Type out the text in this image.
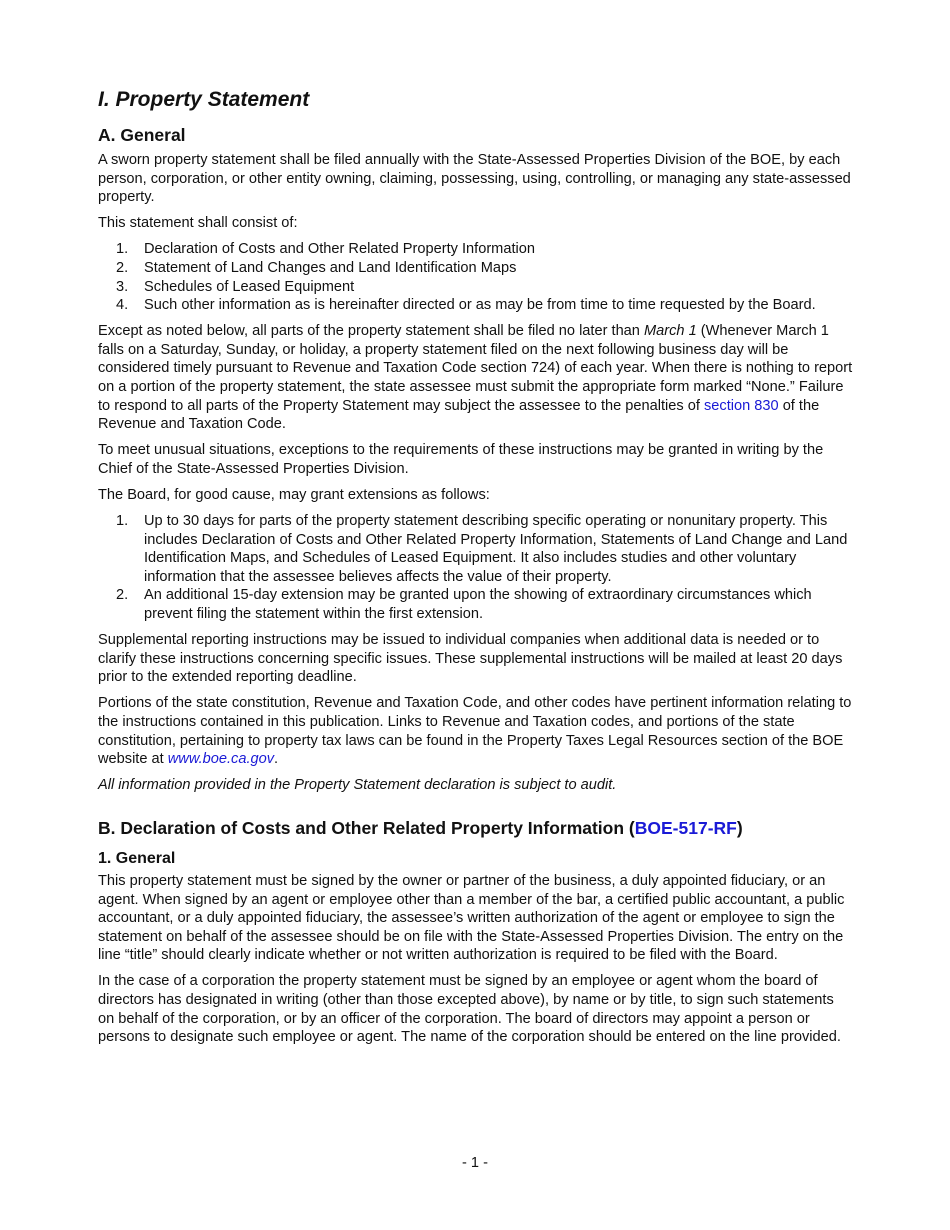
I. Property Statement
A. General

A sworn property statement shall be filed annually with the State-Assessed Properties Division of the BOE, by each person, corporation, or other entity owning, claiming, possessing, using, controlling, or managing any state-assessed property.

This statement shall consist of:

1. Declaration of Costs and Other Related Property Information
2. Statement of Land Changes and Land Identification Maps
3. Schedules of Leased Equipment
4. Such other information as is hereinafter directed or as may be from time to time requested by the Board.

Except as noted below, all parts of the property statement shall be filed no later than March 1 (Whenever March 1 falls on a Saturday, Sunday, or holiday, a property statement filed on the next following business day will be considered timely pursuant to Revenue and Taxation Code section 724) of each year. When there is nothing to report on a portion of the property statement, the state assessee must submit the appropriate form marked “None.” Failure to respond to all parts of the Property Statement may subject the assessee to the penalties of section 830 of the Revenue and Taxation Code.

To meet unusual situations, exceptions to the requirements of these instructions may be granted in writing by the Chief of the State-Assessed Properties Division.

The Board, for good cause, may grant extensions as follows:

1. Up to 30 days for parts of the property statement describing specific operating or nonunitary property. This includes Declaration of Costs and Other Related Property Information, Statements of Land Change and Land Identification Maps, and Schedules of Leased Equipment. It also includes studies and other voluntary information that the assessee believes affects the value of their property.
2. An additional 15-day extension may be granted upon the showing of extraordinary circumstances which prevent filing the statement within the first extension.

Supplemental reporting instructions may be issued to individual companies when additional data is needed or to clarify these instructions concerning specific issues. These supplemental instructions will be mailed at least 20 days prior to the extended reporting deadline.

Portions of the state constitution, Revenue and Taxation Code, and other codes have pertinent information relating to the instructions contained in this publication. Links to Revenue and Taxation codes, and portions of the state constitution, pertaining to property tax laws can be found in the Property Taxes Legal Resources section of the BOE website at www.boe.ca.gov.

All information provided in the Property Statement declaration is subject to audit.

B. Declaration of Costs and Other Related Property Information (BOE-517-RF)
1. General

This property statement must be signed by the owner or partner of the business, a duly appointed fiduciary, or an agent. When signed by an agent or employee other than a member of the bar, a certified public accountant, a public accountant, or a duly appointed fiduciary, the assessee’s written authorization of the agent or employee to sign the statement on behalf of the assessee should be on file with the State-Assessed Properties Division. The entry on the line “title” should clearly indicate whether or not written authorization is required to be filed with the Board.

In the case of a corporation the property statement must be signed by an employee or agent whom the board of directors has designated in writing (other than those excepted above), by name or by title, to sign such statements on behalf of the corporation, or by an officer of the corporation. The board of directors may appoint a person or persons to designate such employee or agent. The name of the corporation should be entered on the line provided.

- 1 -
